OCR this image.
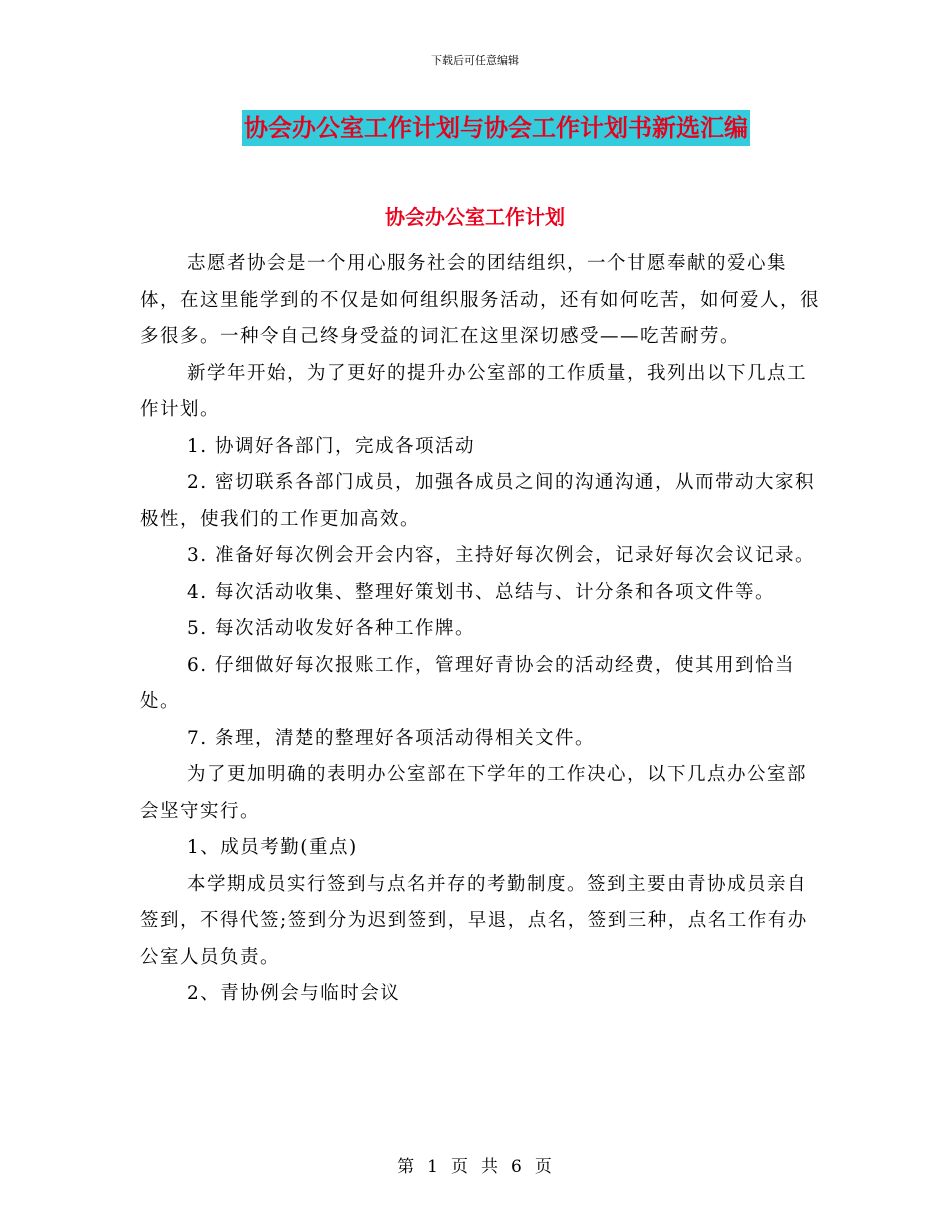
下载后可任意编辑
协会办公室工作计划与协会工作计划书新选汇编
协会办公室工作计划

志愿者协会是一个用心服务社会的团结组织，一个甘愿奉献的爱心集体，在这里能学到的不仅是如何组织服务活动，还有如何吃苦，如何爱人，很多很多。一种令自己终身受益的词汇在这里深切感受——吃苦耐劳。

新学年开始，为了更好的提升办公室部的工作质量，我列出以下几点工作计划。

1. 协调好各部门，完成各项活动

2. 密切联系各部门成员，加强各成员之间的沟通沟通，从而带动大家积极性，使我们的工作更加高效。

3. 准备好每次例会开会内容，主持好每次例会，记录好每次会议记录。

4. 每次活动收集、整理好策划书、总结与、计分条和各项文件等。

5. 每次活动收发好各种工作牌。

6. 仔细做好每次报账工作，管理好青协会的活动经费，使其用到恰当处。

7. 条理，清楚的整理好各项活动得相关文件。

为了更加明确的表明办公室部在下学年的工作决心，以下几点办公室部会坚守实行。

1、成员考勤(重点)

本学期成员实行签到与点名并存的考勤制度。签到主要由青协成员亲自签到，不得代签;签到分为迟到签到，早退，点名，签到三种，点名工作有办公室人员负责。

2、青协例会与临时会议

第 1 页 共 6 页
